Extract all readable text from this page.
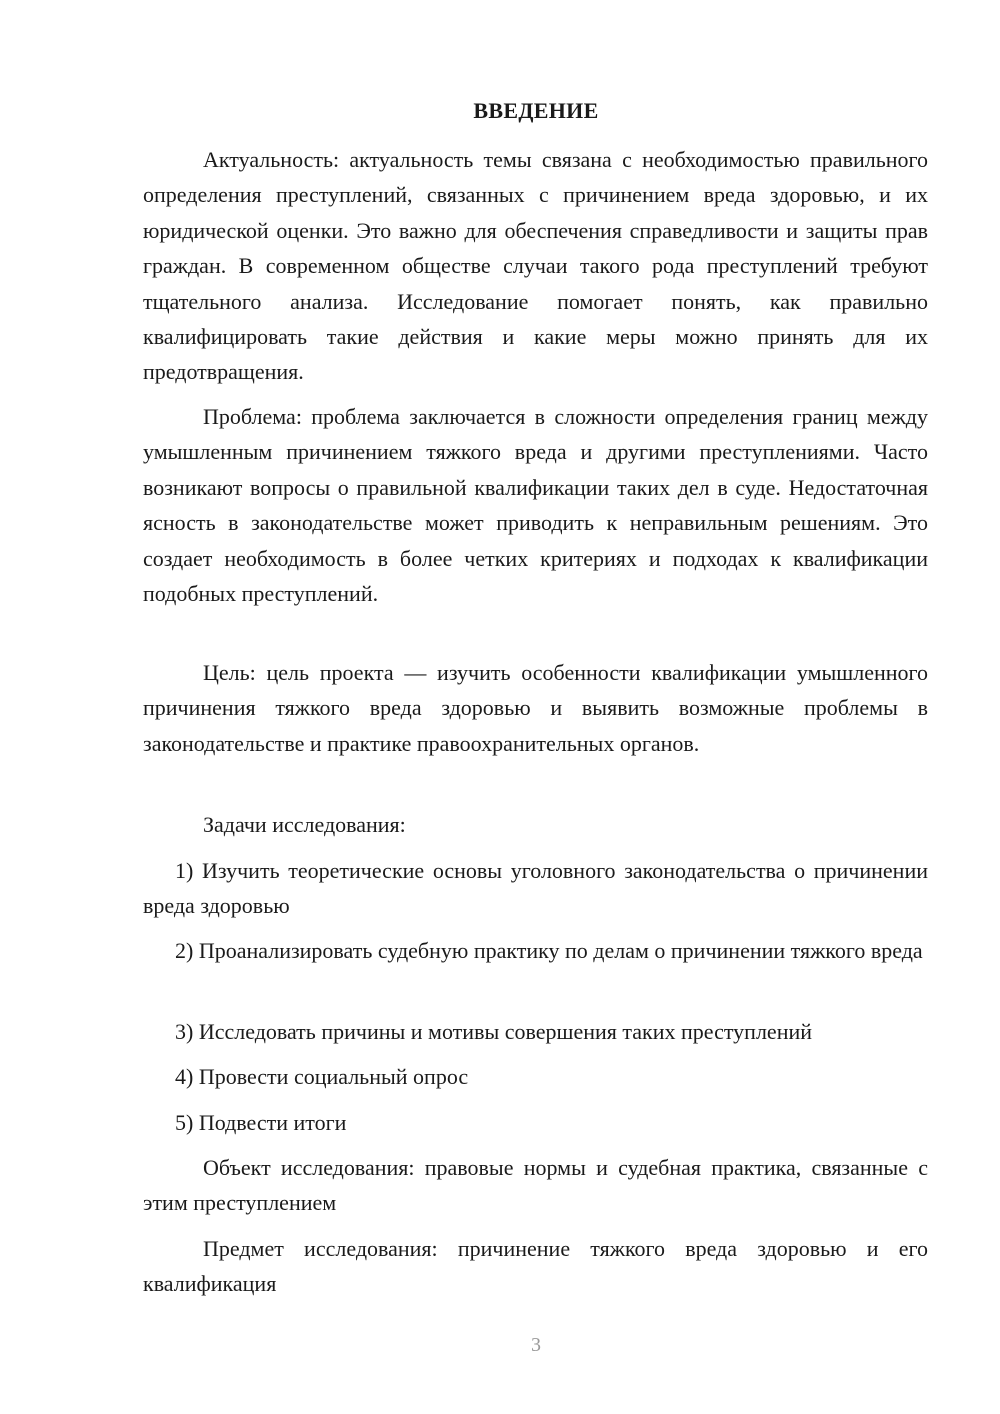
ВВЕДЕНИЕ

Актуальность: актуальность темы связана с необходимостью правильного определения преступлений, связанных с причинением вреда здоровью, и их юридической оценки. Это важно для обеспечения справедливости и защиты прав граждан. В современном обществе случаи такого рода преступлений требуют тщательного анализа. Исследование помогает понять, как правильно квалифицировать такие действия и какие меры можно принять для их предотвращения.

Проблема: проблема заключается в сложности определения границ между умышленным причинением тяжкого вреда и другими преступлениями. Часто возникают вопросы о правильной квалификации таких дел в суде. Недостаточная ясность в законодательстве может приводить к неправильным решениям. Это создает необходимость в более четких критериях и подходах к квалификации подобных преступлений.

Цель: цель проекта — изучить особенности квалификации умышленного причинения тяжкого вреда здоровью и выявить возможные проблемы в законодательстве и практике правоохранительных органов.

Задачи исследования:

1) Изучить теоретические основы уголовного законодательства о причинении вреда здоровью

2) Проанализировать судебную практику по делам о причинении тяжкого вреда

3) Исследовать причины и мотивы совершения таких преступлений

4) Провести социальный опрос

5) Подвести итоги

Объект исследования: правовые нормы и судебная практика, связанные с этим преступлением

Предмет исследования: причинение тяжкого вреда здоровью и его квалификация

3
